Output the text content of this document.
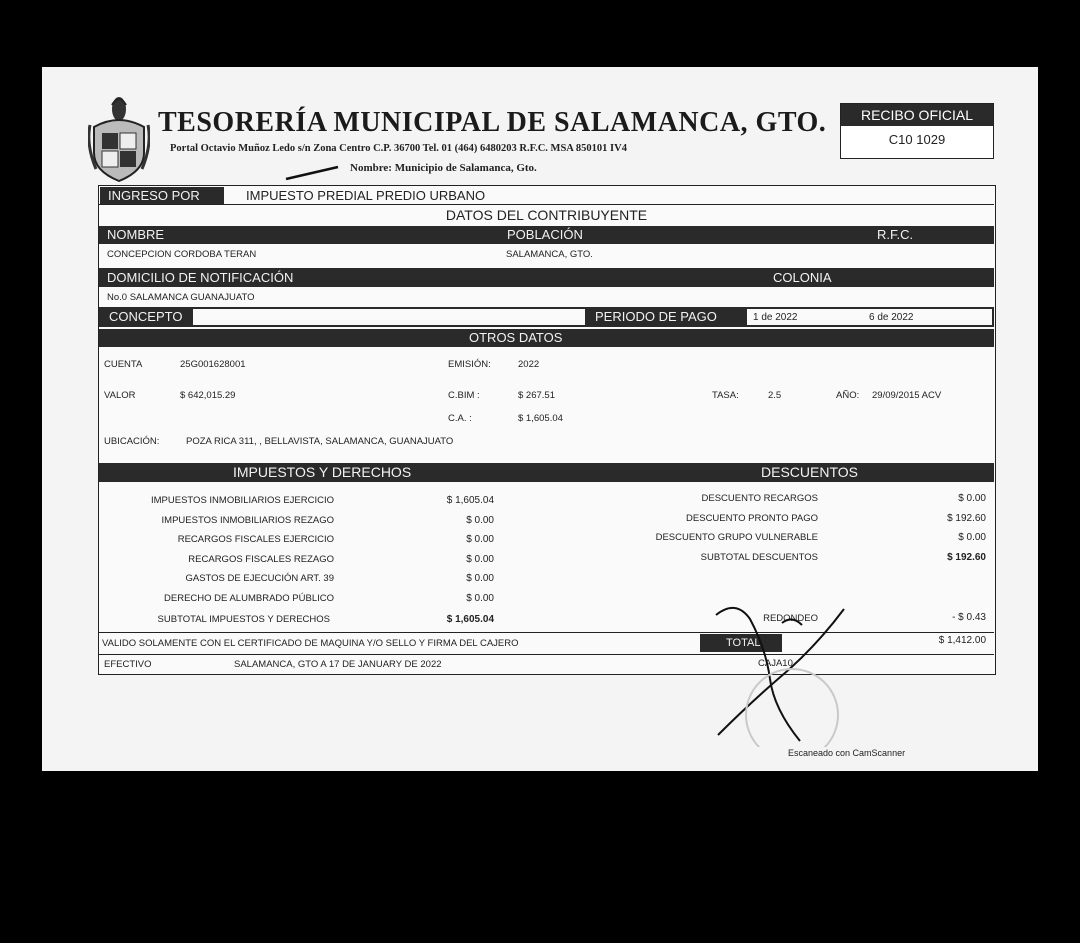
TESORERÍA MUNICIPAL DE SALAMANCA, GTO.
Portal Octavio Muñoz Ledo s/n Zona Centro C.P. 36700 Tel. 01 (464) 6480203 R.F.C. MSA 850101 IV4
Nombre: Municipio de Salamanca, Gto.
RECIBO OFICIAL
C10 1029
INGRESO POR	IMPUESTO PREDIAL PREDIO URBANO
DATOS DEL CONTRIBUYENTE
NOMBRE	POBLACIÓN	R.F.C.
CONCEPCION CORDOBA TERAN	SALAMANCA, GTO.
DOMICILIO DE NOTIFICACIÓN	COLONIA
No.0 SALAMANCA GUANAJUATO
CONCEPTO	PERIODO DE PAGO	1 de 2022	6 de 2022
OTROS DATOS
CUENTA	25G001628001	EMISIÓN:	2022
VALOR	$ 642,015.29	C.BIM :	$ 267.51	TASA:	2.5	AÑO: 29/09/2015 ACV
C.A. :	$ 1,605.04
UBICACIÓN:	POZA RICA 311, , BELLAVISTA, SALAMANCA, GUANAJUATO
IMPUESTOS Y DERECHOS	DESCUENTOS
IMPUESTOS INMOBILIARIOS EJERCICIO	$ 1,605.04
IMPUESTOS INMOBILIARIOS REZAGO	$ 0.00
RECARGOS FISCALES EJERCICIO	$ 0.00
RECARGOS FISCALES REZAGO	$ 0.00
GASTOS DE EJECUCIÓN ART. 39	$ 0.00
DERECHO DE ALUMBRADO PÚBLICO	$ 0.00
SUBTOTAL IMPUESTOS Y DERECHOS	$ 1,605.04
DESCUENTO RECARGOS	$ 0.00
DESCUENTO PRONTO PAGO	$ 192.60
DESCUENTO GRUPO VULNERABLE	$ 0.00
SUBTOTAL DESCUENTOS	$ 192.60
REDONDEO	- $ 0.43
VALIDO SOLAMENTE CON EL CERTIFICADO DE MAQUINA Y/O SELLO Y FIRMA DEL CAJERO	TOTAL	$ 1,412.00
EFECTIVO	SALAMANCA, GTO A 17 DE JANUARY DE 2022	CAJA10
Escaneado con CamScanner
